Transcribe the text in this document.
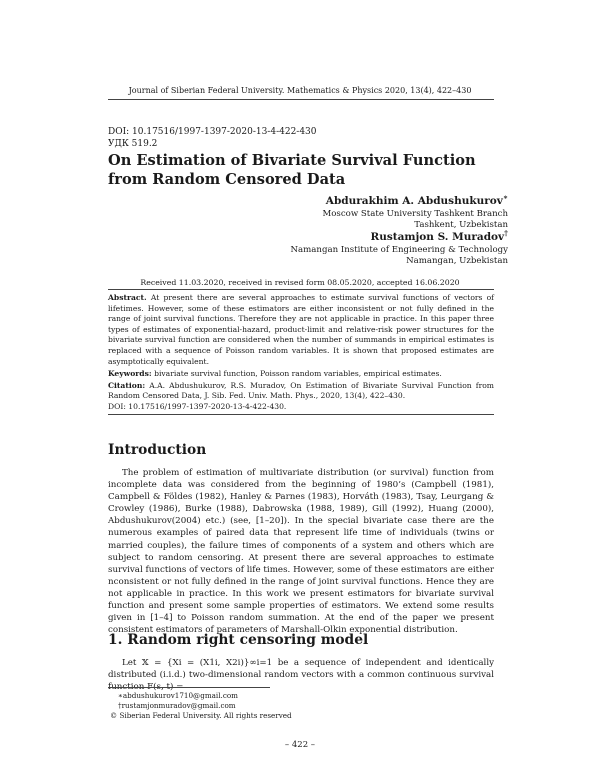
Journal of Siberian Federal University. Mathematics & Physics 2020, 13(4), 422–430
DOI: 10.17516/1997-1397-2020-13-4-422-430
УДК 519.2
On Estimation of Bivariate Survival Function from Random Censored Data
Abdurakhim A. Abdushukurov∗
Moscow State University Tashkent Branch
Tashkent, Uzbekistan
Rustamjon S. Muradov†
Namangan Institute of Engineering & Technology
Namangan, Uzbekistan
Received 11.03.2020, received in revised form 08.05.2020, accepted 16.06.2020

Abstract. At present there are several approaches to estimate survival functions of vectors of lifetimes. However, some of these estimators are either inconsistent or not fully defined in the range of joint survival functions. Therefore they are not applicable in practice. In this paper three types of estimates of exponential-hazard, product-limit and relative-risk power structures for the bivariate survival function are considered when the number of summands in empirical estimates is replaced with a sequence of Poisson random variables. It is shown that proposed estimates are asymptotically equivalent.

Keywords: bivariate survival function, Poisson random variables, empirical estimates.

Citation: A.A. Abdushukurov, R.S. Muradov, On Estimation of Bivariate Survival Function from Random Censored Data, J. Sib. Fed. Univ. Math. Phys., 2020, 13(4), 422–430.
DOI: 10.17516/1997-1397-2020-13-4-422-430.

Introduction

The problem of estimation of multivariate distribution (or survival) function from incomplete data was considered from the beginning of 1980’s (Campbell (1981), Campbell & Földes (1982), Hanley & Parnes (1983), Horváth (1983), Tsay, Leurgang & Crowley (1986), Burke (1988), Dabrowska (1988, 1989), Gill (1992), Huang (2000), Abdushukurov(2004) etc.) (see, [1–20]). In the special bivariate case there are the numerous examples of paired data that represent life time of individuals (twins or married couples), the failure times of components of a system and others which are subject to random censoring. At present there are several approaches to estimate survival functions of vectors of life times. However, some of these estimators are either nconsistent or not fully defined in the range of joint survival functions. Hence they are not applicable in practice. In this work we present estimators for bivariate survival function and present some sample properties of estimators. We extend some results given in [1–4] to Poisson random summation. At the end of the paper we present consistent estimators of parameters of Marshall-Olkin exponential distribution.

1. Random right censoring model

Let 𝕏 = {Xi = (X1i, X2i)}∞i=1 be a sequence of independent and identically distributed (i.i.d.) two-dimensional random vectors with a common continuous survival function F(s, t) =

∗abdushukurov1710@gmail.com
†rustamjonmuradov@gmail.com
© Siberian Federal University. All rights reserved
– 422 –
